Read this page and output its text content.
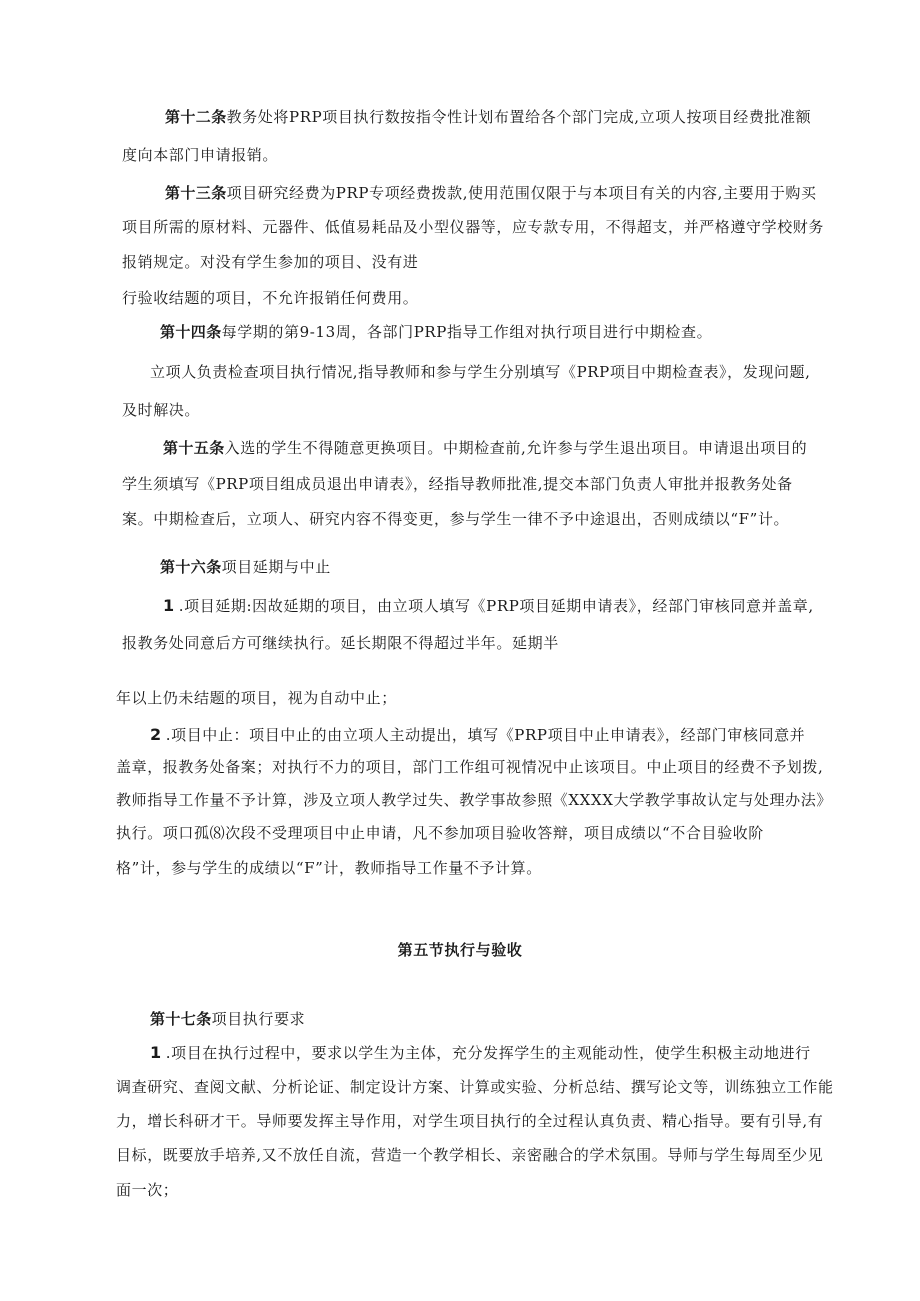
第十二条教务处将PRP项目执行数按指令性计划布置给各个部门完成,立项人按项目经费批准额
度向本部门申请报销。
第十三条项目研究经费为PRP专项经费拨款,使用范围仅限于与本项目有关的内容,主要用于购买
项目所需的原材料、元器件、低值易耗品及小型仪器等，应专款专用，不得超支，并严格遵守学校财务
报销规定。对没有学生参加的项目、没有进
行验收结题的项目，不允许报销任何费用。
第十四条每学期的第9-13周，各部门PRP指导工作组对执行项目进行中期检查。
立项人负责检查项目执行情况,指导教师和参与学生分别填写《PRP项目中期检查表》，发现问题,
及时解决。
第十五条入选的学生不得随意更换项目。中期检查前,允许参与学生退出项目。申请退出项目的
学生须填写《PRP项目组成员退出申请表》，经指导教师批准,提交本部门负责人审批并报教务处备
案。中期检查后，立项人、研究内容不得变更，参与学生一律不予中途退出，否则成绩以“F”计。
第十六条项目延期与中止
1 .项目延期:因故延期的项目，由立项人填写《PRP项目延期申请表》，经部门审核同意并盖章,
报教务处同意后方可继续执行。延长期限不得超过半年。延期半
年以上仍未结题的项目，视为自动中止；
2 .项目中止：项目中止的由立项人主动提出，填写《PRP项目中止申请表》，经部门审核同意并
盖章，报教务处备案；对执行不力的项目，部门工作组可视情况中止该项目。中止项目的经费不予划拨,
教师指导工作量不予计算，涉及立项人教学过失、教学事故参照《XXXX大学教学事故认定与处理办法》
执行。项口孤⑻次段不受理项目中止申请，凡不参加项目验收答辩，项目成绩以“不合目验收阶
格”计，参与学生的成绩以“F”计，教师指导工作量不予计算。
第五节执行与验收
第十七条项目执行要求
1 .项目在执行过程中，要求以学生为主体，充分发挥学生的主观能动性，使学生积极主动地进行
调查研究、查阅文献、分析论证、制定设计方案、计算或实验、分析总结、撰写论文等，训练独立工作能
力，增长科研才干。导师要发挥主导作用，对学生项目执行的全过程认真负责、精心指导。要有引导,有
目标，既要放手培养,又不放任自流，营造一个教学相长、亲密融合的学术氛围。导师与学生每周至少见
面一次；
